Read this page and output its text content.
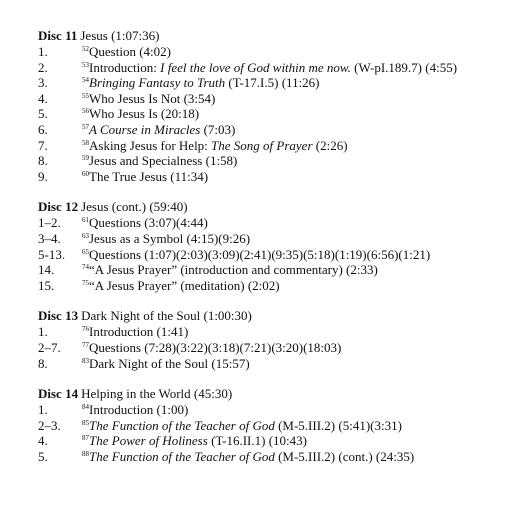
Disc 11 Jesus (1:07:36)
1.	$^{52}$Question (4:02)
2.	$^{53}$Introduction: I feel the love of God within me now. (W-pI.189.7) (4:55)
3.	$^{54}$Bringing Fantasy to Truth (T-17.I.5) (11:26)
4.	$^{55}$Who Jesus Is Not (3:54)
5.	$^{56}$Who Jesus Is (20:18)
6.	$^{57}$A Course in Miracles (7:03)
7.	$^{58}$Asking Jesus for Help: The Song of Prayer (2:26)
8.	$^{59}$Jesus and Specialness (1:58)
9.	$^{60}$The True Jesus (11:34)
Disc 12 Jesus (cont.) (59:40)
1–2.	$^{61}$Questions (3:07)(4:44)
3–4.	$^{63}$Jesus as a Symbol (4:15)(9:26)
5-13.	$^{65}$Questions (1:07)(2:03)(3:09)(2:41)(9:35)(5:18)(1:19)(6:56)(1:21)
14.	$^{74}$“A Jesus Prayer” (introduction and commentary) (2:33)
15.	$^{75}$“A Jesus Prayer” (meditation) (2:02)
Disc 13 Dark Night of the Soul (1:00:30)
1.	$^{76}$Introduction (1:41)
2–7.	$^{77}$Questions (7:28)(3:22)(3:18)(7:21)(3:20)(18:03)
8.	$^{83}$Dark Night of the Soul (15:57)
Disc 14 Helping in the World (45:30)
1.	$^{84}$Introduction (1:00)
2–3.	$^{85}$The Function of the Teacher of God (M-5.III.2) (5:41)(3:31)
4.	$^{87}$The Power of Holiness (T-16.II.1) (10:43)
5.	$^{88}$The Function of the Teacher of God (M-5.III.2) (cont.) (24:35)
